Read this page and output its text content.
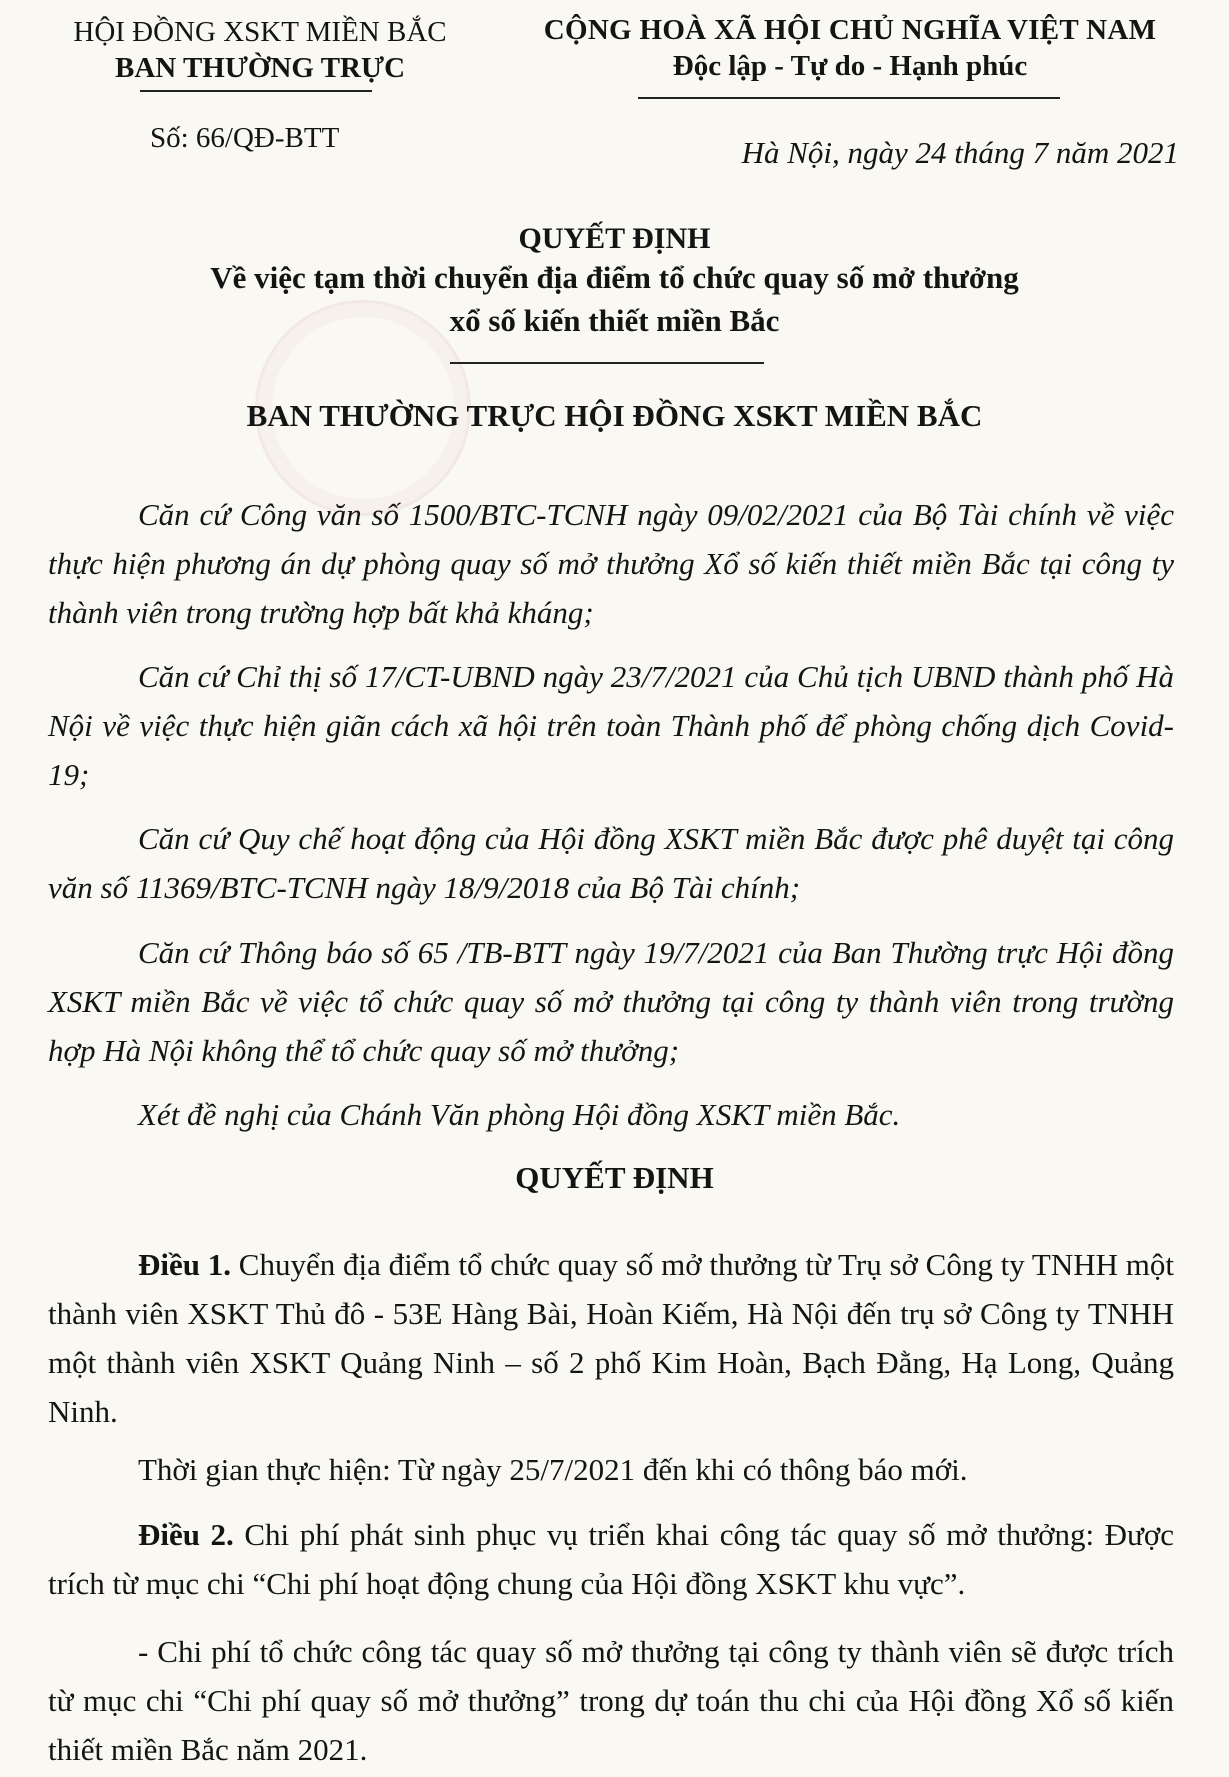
HỘI ĐỒNG XSKT MIỀN BẮC
BAN THƯỜNG TRỰC
CỘNG HOÀ XÃ HỘI CHỦ NGHĨA VIỆT NAM
Độc lập - Tự do - Hạnh phúc
Số: 66/QĐ-BTT	Hà Nội, ngày 24 tháng 7 năm 2021
QUYẾT ĐỊNH
Về việc tạm thời chuyển địa điểm tổ chức quay số mở thưởng
xổ số kiến thiết miền Bắc
BAN THƯỜNG TRỰC HỘI ĐỒNG XSKT MIỀN BẮC
Căn cứ Công văn số 1500/BTC-TCNH ngày 09/02/2021 của Bộ Tài chính về việc thực hiện phương án dự phòng quay số mở thưởng Xổ số kiến thiết miền Bắc tại công ty thành viên trong trường hợp bất khả kháng;
Căn cứ Chỉ thị số 17/CT-UBND ngày 23/7/2021 của Chủ tịch UBND thành phố Hà Nội về việc thực hiện giãn cách xã hội trên toàn Thành phố để phòng chống dịch Covid-19;
Căn cứ Quy chế hoạt động của Hội đồng XSKT miền Bắc được phê duyệt tại công văn số 11369/BTC-TCNH ngày 18/9/2018 của Bộ Tài chính;
Căn cứ Thông báo số 65 /TB-BTT ngày 19/7/2021 của Ban Thường trực Hội đồng XSKT miền Bắc về việc tổ chức quay số mở thưởng tại công ty thành viên trong trường hợp Hà Nội không thể tổ chức quay số mở thưởng;
Xét đề nghị của Chánh Văn phòng Hội đồng XSKT miền Bắc.
QUYẾT ĐỊNH
Điều 1. Chuyển địa điểm tổ chức quay số mở thưởng từ Trụ sở Công ty TNHH một thành viên XSKT Thủ đô - 53E Hàng Bài, Hoàn Kiếm, Hà Nội đến trụ sở Công ty TNHH một thành viên XSKT Quảng Ninh – số 2 phố Kim Hoàn, Bạch Đằng, Hạ Long, Quảng Ninh.
Thời gian thực hiện: Từ ngày 25/7/2021 đến khi có thông báo mới.
Điều 2. Chi phí phát sinh phục vụ triển khai công tác quay số mở thưởng: Được trích từ mục chi “Chi phí hoạt động chung của Hội đồng XSKT khu vực”.
- Chi phí tổ chức công tác quay số mở thưởng tại công ty thành viên sẽ được trích từ mục chi “Chi phí quay số mở thưởng” trong dự toán thu chi của Hội đồng Xổ số kiến thiết miền Bắc năm 2021.
